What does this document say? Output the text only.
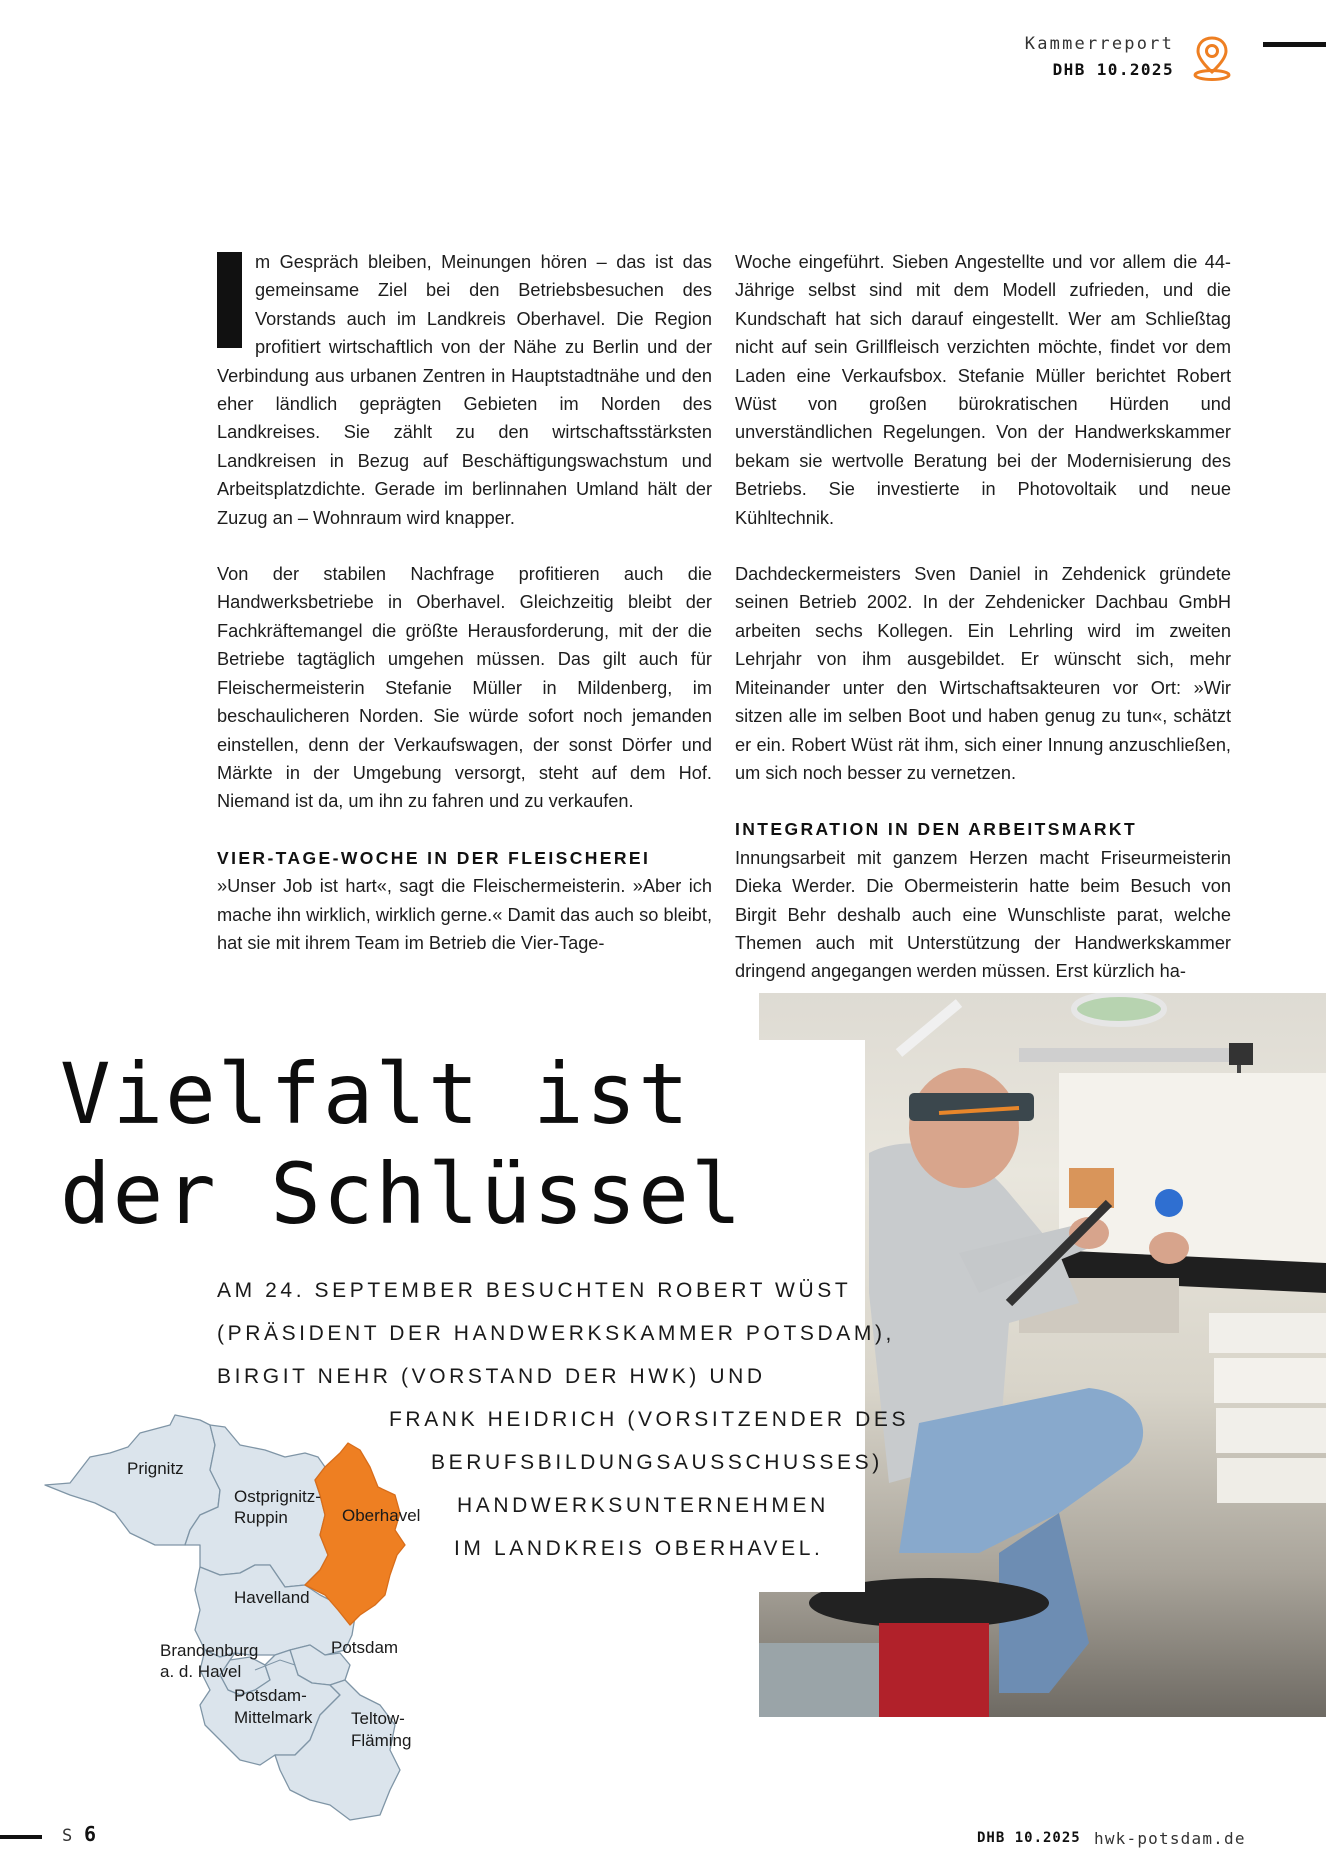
Kammerreport
DHB 10.2025

m Gespräch bleiben, Meinungen hören – das ist das gemeinsame Ziel bei den Betriebsbesuchen des Vorstands auch im Landkreis Oberhavel. Die Region profitiert wirtschaftlich von der Nähe zu Berlin und der Verbindung aus urbanen Zentren in Hauptstadtnähe und den eher ländlich geprägten Gebieten im Norden des Landkreises. Sie zählt zu den wirtschaftsstärksten Landkreisen in Bezug auf Beschäftigungswachstum und Arbeitsplatzdichte. Gerade im berlinnahen Umland hält der Zuzug an – Wohnraum wird knapper.

Von der stabilen Nachfrage profitieren auch die Handwerksbetriebe in Oberhavel. Gleichzeitig bleibt der Fachkräftemangel die größte Herausforderung, mit der die Betriebe tagtäglich umgehen müssen. Das gilt auch für Fleischermeisterin Stefanie Müller in Mildenberg, im beschaulicheren Norden. Sie würde sofort noch jemanden einstellen, denn der Verkaufswagen, der sonst Dörfer und Märkte in der Umgebung versorgt, steht auf dem Hof. Niemand ist da, um ihn zu fahren und zu verkaufen.

VIER-TAGE-WOCHE IN DER FLEISCHEREI

»Unser Job ist hart«, sagt die Fleischermeisterin. »Aber ich mache ihn wirklich, wirklich gerne.« Damit das auch so bleibt, hat sie mit ihrem Team im Betrieb die Vier-Tage-

Woche eingeführt. Sieben Angestellte und vor allem die 44-Jährige selbst sind mit dem Modell zufrieden, und die Kundschaft hat sich darauf eingestellt. Wer am Schließtag nicht auf sein Grillfleisch verzichten möchte, findet vor dem Laden eine Verkaufsbox. Stefanie Müller berichtet Robert Wüst von großen bürokratischen Hürden und unverständlichen Regelungen. Von der Handwerkskammer bekam sie wertvolle Beratung bei der Modernisierung des Betriebs. Sie investierte in Photovoltaik und neue Kühltechnik.

Dachdeckermeisters Sven Daniel in Zehdenick gründete seinen Betrieb 2002. In der Zehdenicker Dachbau GmbH arbeiten sechs Kollegen. Ein Lehrling wird im zweiten Lehrjahr von ihm ausgebildet. Er wünscht sich, mehr Miteinander unter den Wirtschaftsakteuren vor Ort: »Wir sitzen alle im selben Boot und haben genug zu tun«, schätzt er ein. Robert Wüst rät ihm, sich einer Innung anzuschließen, um sich noch besser zu vernetzen.

INTEGRATION IN DEN ARBEITSMARKT

Innungsarbeit mit ganzem Herzen macht Friseurmeisterin Dieka Werder. Die Obermeisterin hatte beim Besuch von Birgit Behr deshalb auch eine Wunschliste parat, welche Themen auch mit Unterstützung der Handwerkskammer dringend angegangen werden müssen. Erst kürzlich ha-

Vielfalt ist
der Schlüssel
Prignitz
Ostprignitz-
Ruppin	Oberhavel
Havelland
Brandenburg
a. d. Havel
Potsdam
Potsdam-
Mittelmark Teltow-
Fläming
AM 24. SEPTEMBER BESUCHTEN ROBERT WÜST
(PRÄSIDENT DER HANDWERKSKAMMER POTSDAM),
BIRGIT NEHR (VORSTAND DER HWK) UND
FRANK HEIDRICH (VORSITZENDER DES
BERUFSBILDUNGSAUSSCHUSSES)
HANDWERKSUNTERNEHMEN
IM LANDKREIS OBERHAVEL.
S 6	DHB 10.2025 hwk-potsdam.de
